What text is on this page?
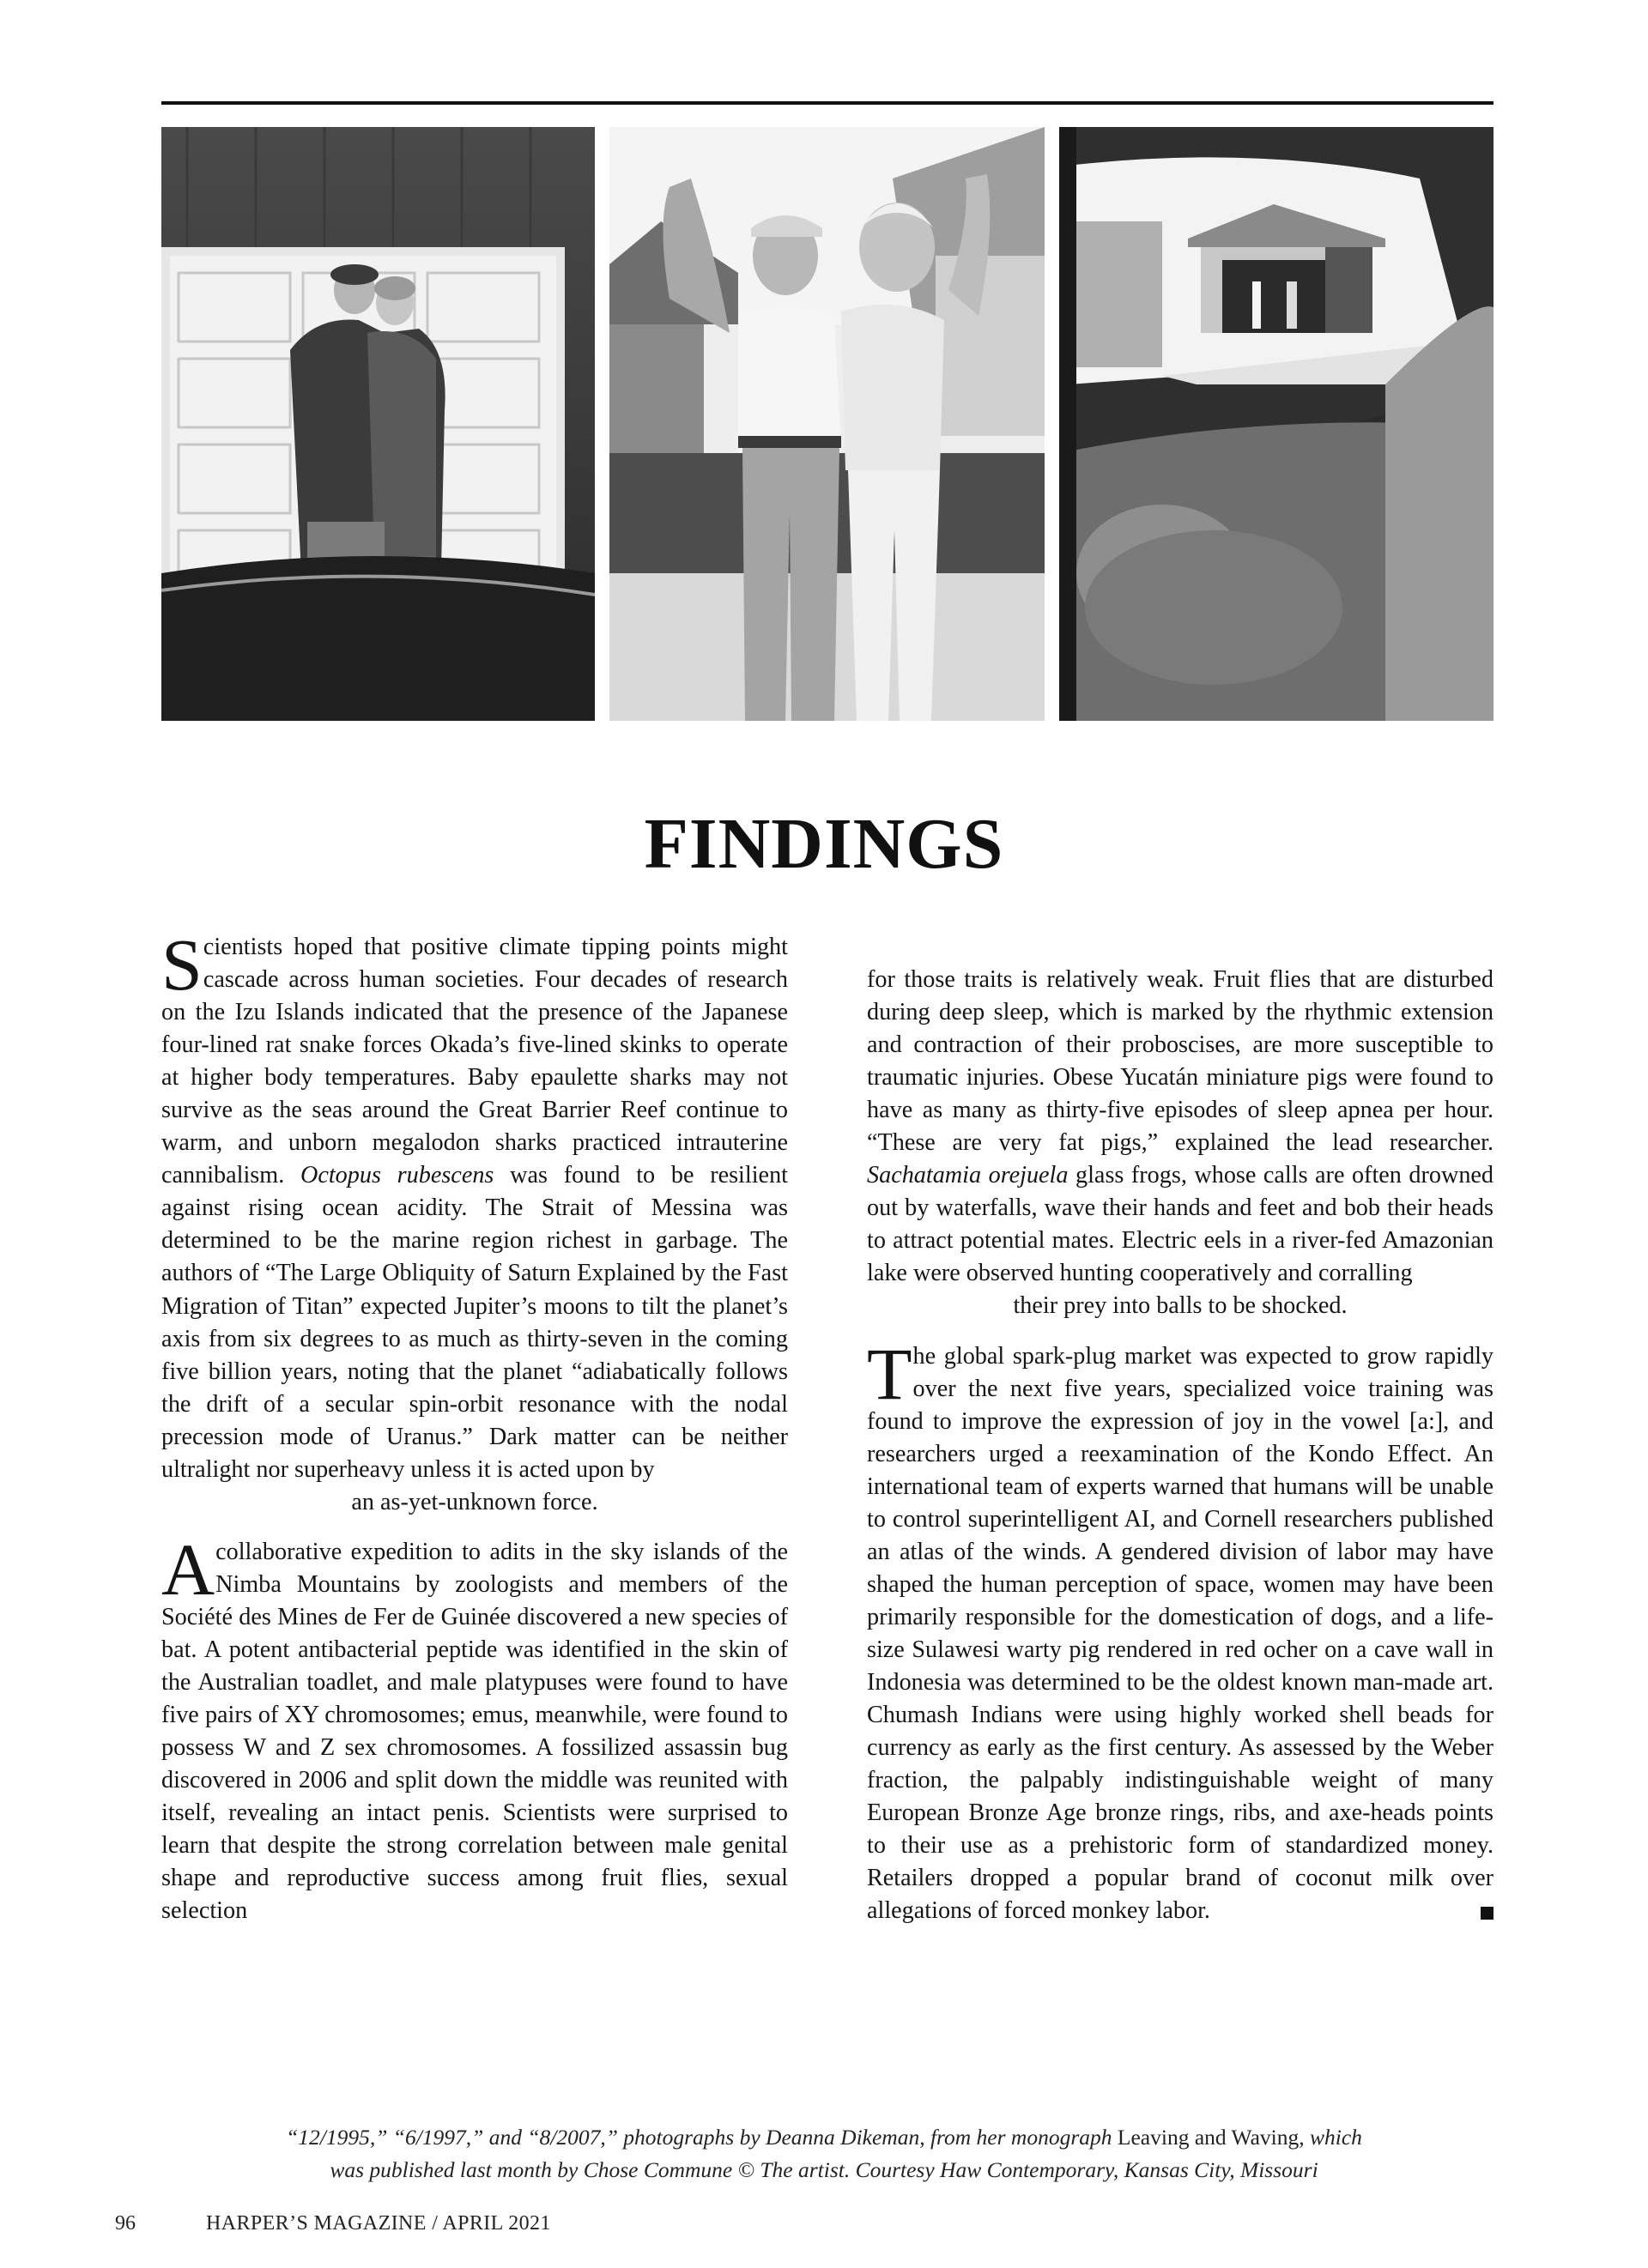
FINDINGS

Scientists hoped that positive climate tipping points might cascade across human societies. Four decades of research on the Izu Islands indicated that the presence of the Japanese four-lined rat snake forces Okada’s five-lined skinks to operate at higher body temperatures. Baby epaulette sharks may not survive as the seas around the Great Barrier Reef continue to warm, and unborn megalodon sharks practiced intrauterine cannibalism. Octopus rubescens was found to be resilient against rising ocean acidity. The Strait of Messina was determined to be the marine region richest in garbage. The authors of “The Large Obliquity of Saturn Explained by the Fast Migration of Titan” expected Jupiter’s moons to tilt the planet’s axis from six degrees to as much as thirty-seven in the coming five billion years, noting that the planet “adiabatically follows the drift of a secular spin-orbit resonance with the nodal precession mode of Uranus.” Dark matter can be neither ultralight nor superheavy unless it is acted upon by

an as-yet-unknown force.

A collaborative expedition to adits in the sky islands of the Nimba Mountains by zoologists and members of the Société des Mines de Fer de Guinée discovered a new species of bat. A potent antibacterial peptide was identified in the skin of the Australian toadlet, and male platypuses were found to have five pairs of XY chromosomes; emus, meanwhile, were found to possess W and Z sex chromosomes. A fossilized assassin bug discovered in 2006 and split down the middle was reunited with itself, revealing an intact penis. Scientists were surprised to learn that despite the strong correlation between male genital shape and reproductive success among fruit flies, sexual selection

for those traits is relatively weak. Fruit flies that are disturbed during deep sleep, which is marked by the rhythmic extension and contraction of their proboscises, are more susceptible to traumatic injuries. Obese Yucatán miniature pigs were found to have as many as thirty-five episodes of sleep apnea per hour. “These are very fat pigs,” explained the lead researcher. Sachatamia orejuela glass frogs, whose calls are often drowned out by waterfalls, wave their hands and feet and bob their heads to attract potential mates. Electric eels in a river-fed Amazonian lake were observed hunting cooperatively and corralling

their prey into balls to be shocked.

The global spark-plug market was expected to grow rapidly over the next five years, specialized voice training was found to improve the expression of joy in the vowel [a:], and researchers urged a reexamination of the Kondo Effect. An international team of experts warned that humans will be unable to control superintelligent AI, and Cornell researchers published an atlas of the winds. A gendered division of labor may have shaped the human perception of space, women may have been primarily responsible for the domestication of dogs, and a life-size Sulawesi warty pig rendered in red ocher on a cave wall in Indonesia was determined to be the oldest known man-made art. Chumash Indians were using highly worked shell beads for currency as early as the first century. As assessed by the Weber fraction, the palpably indistinguishable weight of many European Bronze Age bronze rings, ribs, and axe-heads points to their use as a prehistoric form of standardized money. Retailers dropped a popular brand of coconut milk over allegations of forced monkey labor.

“12/1995,” “6/1997,” and “8/2007,” photographs by Deanna Dikeman, from her monograph Leaving and Waving, which
was published last month by Chose Commune © The artist. Courtesy Haw Contemporary, Kansas City, Missouri
96	HARPER’S MAGAZINE / APRIL 2021
